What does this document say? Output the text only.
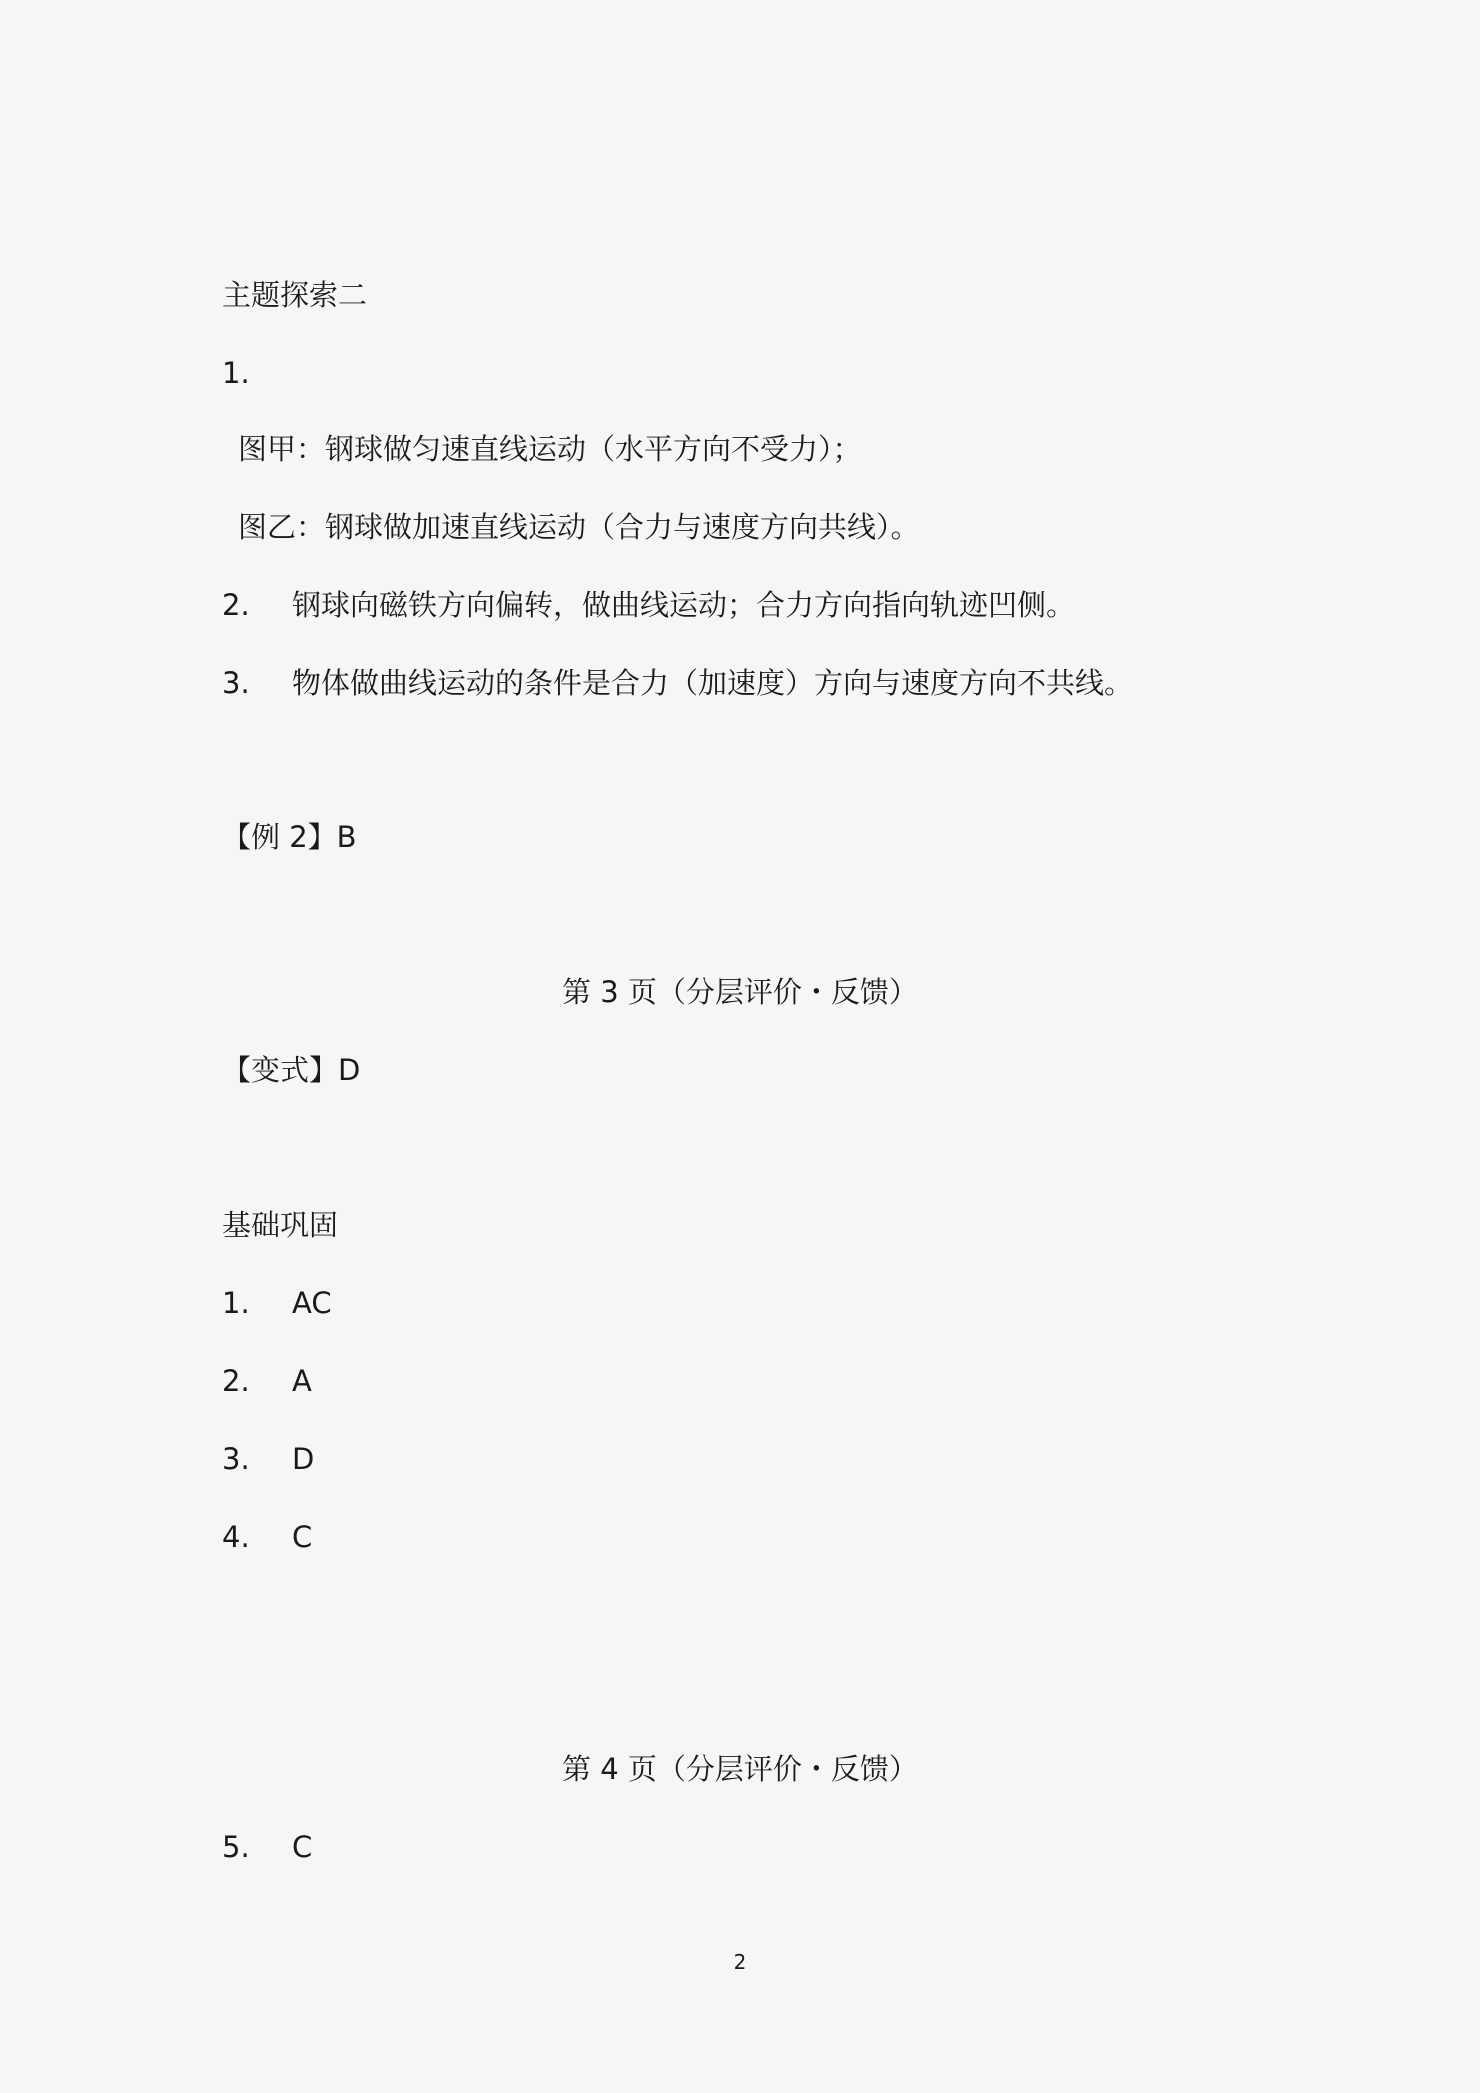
主题探索二
1.
图甲：钢球做匀速直线运动（水平方向不受力）；
图乙：钢球做加速直线运动（合力与速度方向共线）。
2. 钢球向磁铁方向偏转，做曲线运动；合力方向指向轨迹凹侧。
3. 物体做曲线运动的条件是合力（加速度）方向与速度方向不共线。
【例 2】B
第 3 页（分层评价・反馈）
【变式】D
基础巩固
1. AC
2. A
3. D
4. C
第 4 页（分层评价・反馈）
5. C
2
